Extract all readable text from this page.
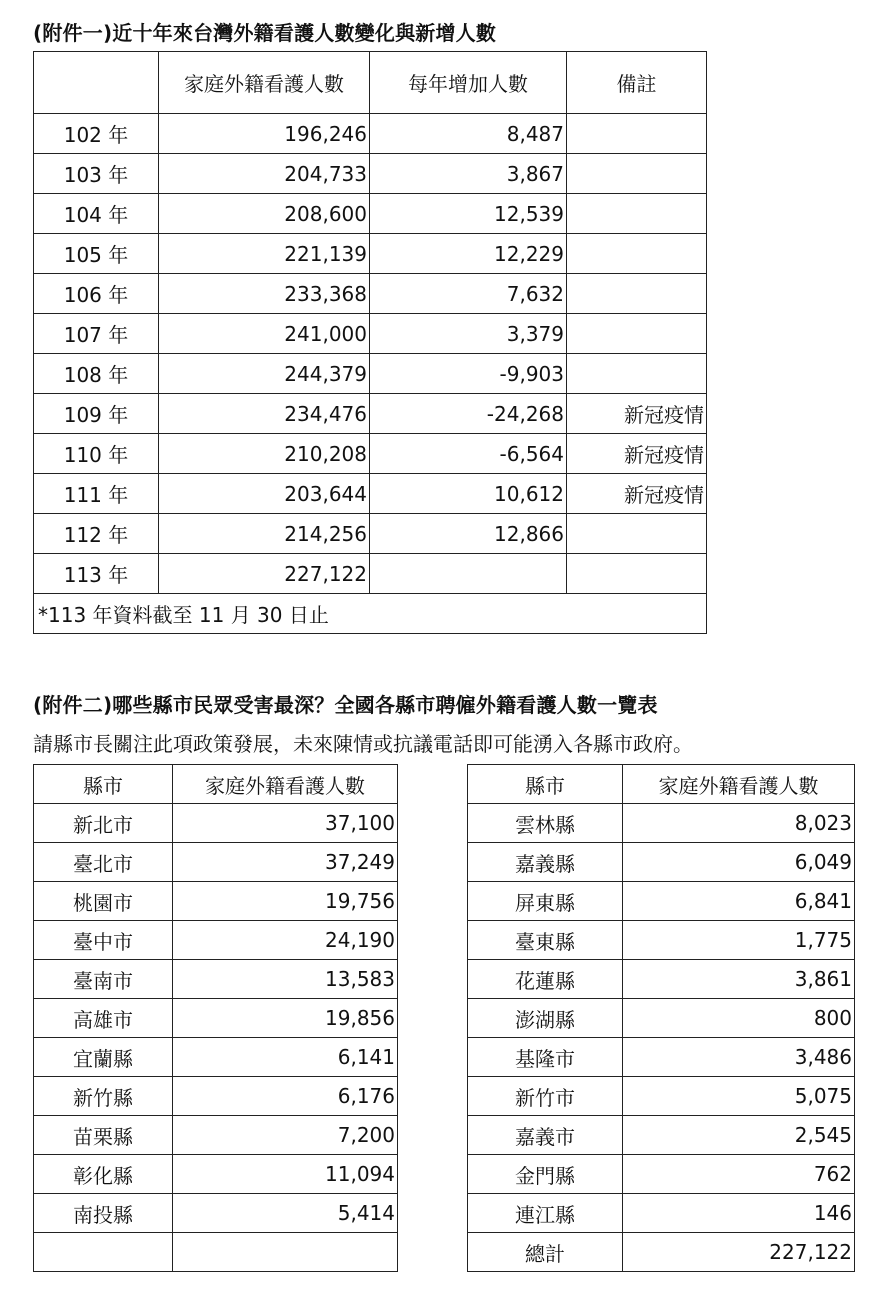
(附件一)近十年來台灣外籍看護人數變化與新增人數
	家庭外籍看護人數	每年增加人數	備註
102 年	196,246	8,487	
103 年	204,733	3,867	
104 年	208,600	12,539	
105 年	221,139	12,229	
106 年	233,368	7,632	
107 年	241,000	3,379	
108 年	244,379	-9,903	
109 年	234,476	-24,268	新冠疫情
110 年	210,208	-6,564	新冠疫情
111 年	203,644	10,612	新冠疫情
112 年	214,256	12,866	
113 年	227,122		
*113 年資料截至 11 月 30 日止			
(附件二)哪些縣市民眾受害最深？全國各縣市聘僱外籍看護人數一覽表

請縣市長關注此項政策發展，未來陳情或抗議電話即可能湧入各縣市政府。

縣市	家庭外籍看護人數
新北市	37,100
臺北市	37,249
桃園市	19,756
臺中市	24,190
臺南市	13,583
高雄市	19,856
宜蘭縣	6,141
新竹縣	6,176
苗栗縣	7,200
彰化縣	11,094
南投縣	5,414

縣市	家庭外籍看護人數
雲林縣	8,023
嘉義縣	6,049
屏東縣	6,841
臺東縣	1,775
花蓮縣	3,861
澎湖縣	800
基隆市	3,486
新竹市	5,075
嘉義市	2,545
金門縣	762
連江縣	146
總計	227,122
